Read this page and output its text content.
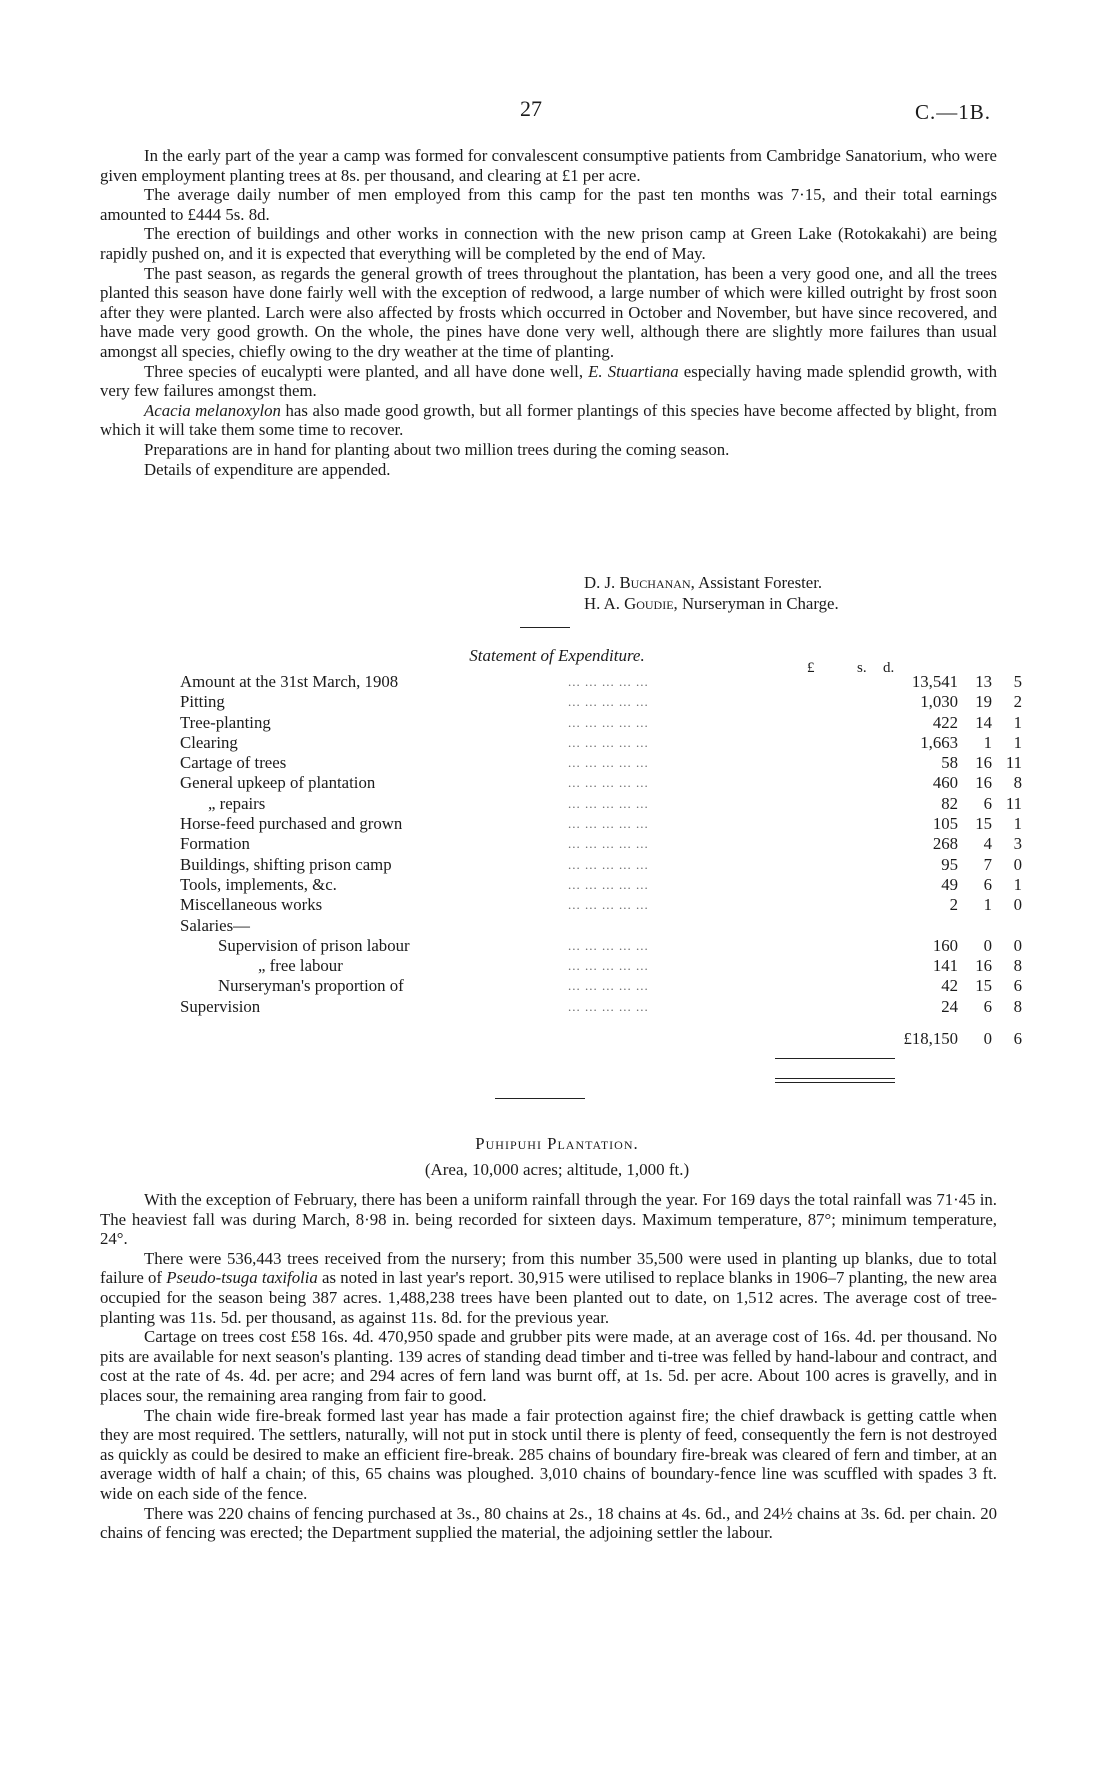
27	C.—1B.

In the early part of the year a camp was formed for convalescent consumptive patients from Cambridge Sanatorium, who were given employment planting trees at 8s. per thousand, and clearing at £1 per acre.

The average daily number of men employed from this camp for the past ten months was 7·15, and their total earnings amounted to £444 5s. 8d.

The erection of buildings and other works in connection with the new prison camp at Green Lake (Rotokakahi) are being rapidly pushed on, and it is expected that everything will be completed by the end of May.

The past season, as regards the general growth of trees throughout the plantation, has been a very good one, and all the trees planted this season have done fairly well with the exception of redwood, a large number of which were killed outright by frost soon after they were planted. Larch were also affected by frosts which occurred in October and November, but have since recovered, and have made very good growth. On the whole, the pines have done very well, although there are slightly more failures than usual amongst all species, chiefly owing to the dry weather at the time of planting.

Three species of eucalypti were planted, and all have done well, E. Stuartiana especially having made splendid growth, with very few failures amongst them.

Acacia melanoxylon has also made good growth, but all former plantings of this species have become affected by blight, from which it will take them some time to recover.

Preparations are in hand for planting about two million trees during the coming season.

Details of expenditure are appended.

D. J. Buchanan, Assistant Forester.
H. A. Goudie, Nurseryman in Charge.
Statement of Expenditure.
£	s. d.
Amount at the 31st March, 1908	... ... ... ... ...	13,541	13	5
Pitting	... ... ... ... ...	1,030	19	2
Tree-planting	... ... ... ... ...	422	14	1
Clearing	... ... ... ... ...	1,663	1	1
Cartage of trees	... ... ... ... ...	58	16	11
General upkeep of plantation	... ... ... ... ...	460	16	8
„ repairs	... ... ... ... ...	82	6	11
Horse-feed purchased and grown	... ... ... ... ...	105	15	1
Formation	... ... ... ... ...	268	4	3
Buildings, shifting prison camp	... ... ... ... ...	95	7	0
Tools, implements, &c.	... ... ... ... ...	49	6	1
Miscellaneous works	... ... ... ... ...	2	1	0
Salaries—				
Supervision of prison labour	... ... ... ... ...	160	0	0
„ free labour	... ... ... ... ...	141	16	8
Nurseryman's proportion of	... ... ... ... ...	42	15	6
Supervision	... ... ... ... ...	24	6	8

		£18,150	0	6
Puhipuhi Plantation.
(Area, 10,000 acres; altitude, 1,000 ft.)

With the exception of February, there has been a uniform rainfall through the year. For 169 days the total rainfall was 71·45 in. The heaviest fall was during March, 8·98 in. being recorded for sixteen days. Maximum temperature, 87°; minimum temperature, 24°.

There were 536,443 trees received from the nursery; from this number 35,500 were used in planting up blanks, due to total failure of Pseudo-tsuga taxifolia as noted in last year's report. 30,915 were utilised to replace blanks in 1906–7 planting, the new area occupied for the season being 387 acres. 1,488,238 trees have been planted out to date, on 1,512 acres. The average cost of tree-planting was 11s. 5d. per thousand, as against 11s. 8d. for the previous year.

Cartage on trees cost £58 16s. 4d. 470,950 spade and grubber pits were made, at an average cost of 16s. 4d. per thousand. No pits are available for next season's planting. 139 acres of standing dead timber and ti-tree was felled by hand-labour and contract, and cost at the rate of 4s. 4d. per acre; and 294 acres of fern land was burnt off, at 1s. 5d. per acre. About 100 acres is gravelly, and in places sour, the remaining area ranging from fair to good.

The chain wide fire-break formed last year has made a fair protection against fire; the chief drawback is getting cattle when they are most required. The settlers, naturally, will not put in stock until there is plenty of feed, consequently the fern is not destroyed as quickly as could be desired to make an efficient fire-break. 285 chains of boundary fire-break was cleared of fern and timber, at an average width of half a chain; of this, 65 chains was ploughed. 3,010 chains of boundary-fence line was scuffled with spades 3 ft. wide on each side of the fence.

There was 220 chains of fencing purchased at 3s., 80 chains at 2s., 18 chains at 4s. 6d., and 24½ chains at 3s. 6d. per chain. 20 chains of fencing was erected; the Department supplied the material, the adjoining settler the labour.
